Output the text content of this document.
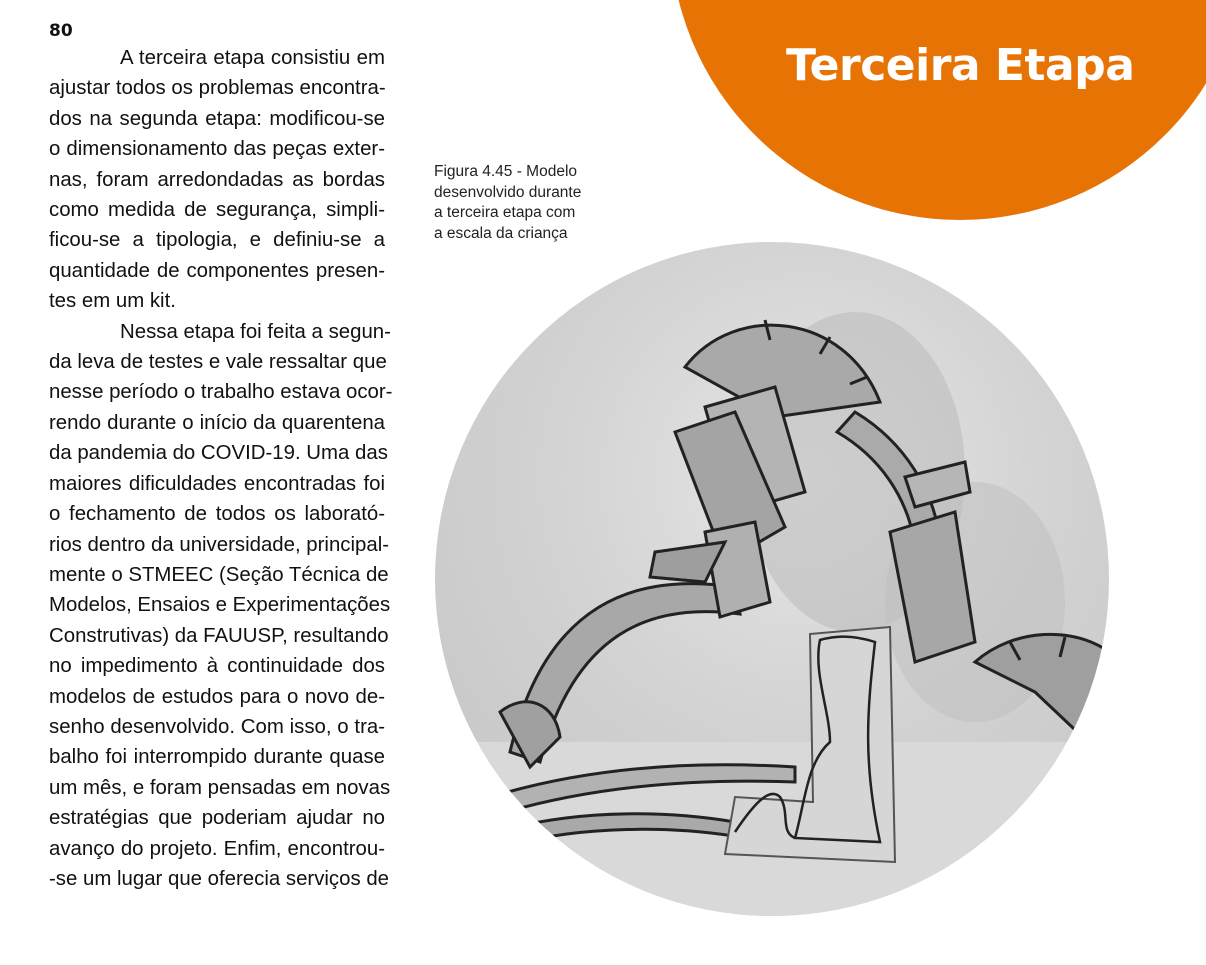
80
A terceira etapa consistiu em
ajustar todos os problemas encontra-
dos na segunda etapa: modificou-se
o dimensionamento das peças exter-
nas, foram arredondadas as bordas
como medida de segurança, simpli-
ficou-se a tipologia, e definiu-se a
quantidade de componentes presen-
tes em um kit.
Nessa etapa foi feita a segun-
da leva de testes e vale ressaltar que
nesse período o trabalho estava ocor-
rendo durante o início da quarentena
da pandemia do COVID-19. Uma das
maiores dificuldades encontradas foi
o fechamento de todos os laborató-
rios dentro da universidade, principal-
mente o STMEEC (Seção Técnica de
Modelos, Ensaios e Experimentações
Construtivas) da FAUUSP, resultando
no impedimento à continuidade dos
modelos de estudos para o novo de-
senho desenvolvido. Com isso, o tra-
balho foi interrompido durante quase
um mês, e foram pensadas em novas
estratégias que poderiam ajudar no
avanço do projeto. Enfim, encontrou-
-se um lugar que oferecia serviços de
Terceira Etapa
Figura 4.45 - Modelo
desenvolvido durante
a terceira etapa com
a escala da criança
